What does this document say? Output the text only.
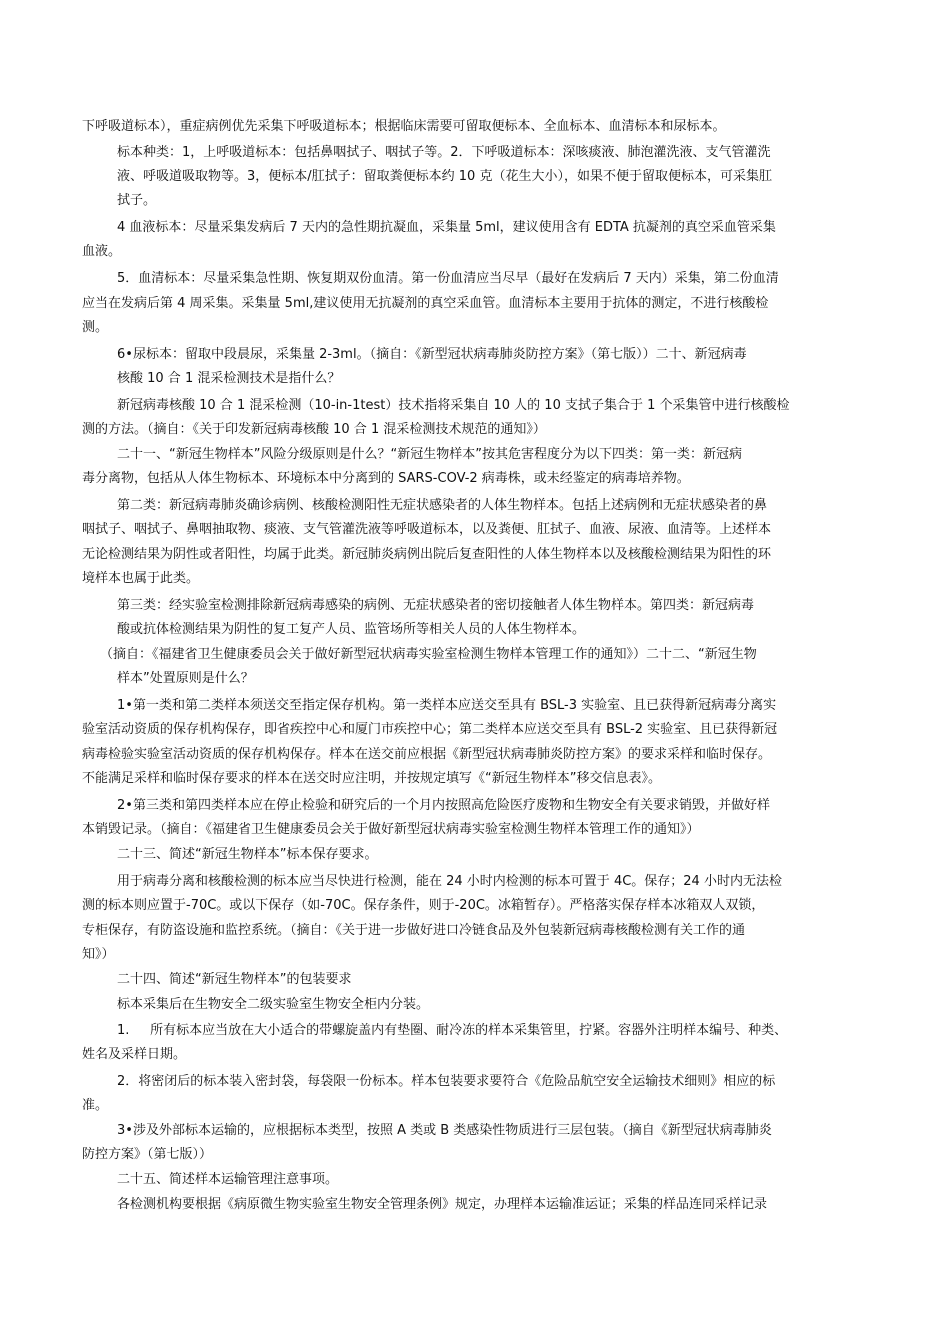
下呼吸道标本），重症病例优先采集下呼吸道标本；根据临床需要可留取便标本、全血标本、血清标本和尿标本。
标本种类：1，上呼吸道标本：包括鼻咽拭子、咽拭子等。2．下呼吸道标本：深咳痰液、肺泡灌洗液、支气管灌洗
液、呼吸道吸取物等。3，便标本/肛拭子：留取粪便标本约 10 克（花生大小），如果不便于留取便标本，可采集肛
拭子。
4 血液标本：尽量采集发病后 7 天内的急性期抗凝血，采集量 5ml，建议使用含有 EDTA 抗凝剂的真空采血管采集
血液。
5．血清标本：尽量采集急性期、恢复期双份血清。第一份血清应当尽早（最好在发病后 7 天内）采集，第二份血清
应当在发病后第 4 周采集。采集量 5ml,建议使用无抗凝剂的真空采血管。血清标本主要用于抗体的测定，不进行核酸检
测。
6•尿标本：留取中段晨尿，采集量 2-3ml。（摘自：《新型冠状病毒肺炎防控方案》（第七版））二十、新冠病毒
核酸 10 合 1 混采检测技术是指什么？
新冠病毒核酸 10 合 1 混采检测（10-in-1test）技术指将采集自 10 人的 10 支拭子集合于 1 个采集管中进行核酸检
测的方法。（摘自：《关于印发新冠病毒核酸 10 合 1 混采检测技术规范的通知》）
二十一、“新冠生物样本”风险分级原则是什么？“新冠生物样本”按其危害程度分为以下四类：第一类：新冠病
毒分离物，包括从人体生物标本、环境标本中分离到的 SARS-COV-2 病毒株，或未经鉴定的病毒培养物。
第二类：新冠病毒肺炎确诊病例、核酸检测阳性无症状感染者的人体生物样本。包括上述病例和无症状感染者的鼻
咽拭子、咽拭子、鼻咽抽取物、痰液、支气管灌洗液等呼吸道标本，以及粪便、肛拭子、血液、尿液、血清等。上述样本
无论检测结果为阴性或者阳性，均属于此类。新冠肺炎病例出院后复查阳性的人体生物样本以及核酸检测结果为阳性的环
境样本也属于此类。
第三类：经实验室检测排除新冠病毒感染的病例、无症状感染者的密切接触者人体生物样本。第四类：新冠病毒
酸或抗体检测结果为阴性的复工复产人员、监管场所等相关人员的人体生物样本。
（摘自：《福建省卫生健康委员会关于做好新型冠状病毒实验室检测生物样本管理工作的通知》）二十二、“新冠生物
样本”处置原则是什么？
1•第一类和第二类样本须送交至指定保存机构。第一类样本应送交至具有 BSL-3 实验室、且已获得新冠病毒分离实
验室活动资质的保存机构保存，即省疾控中心和厦门市疾控中心；第二类样本应送交至具有 BSL-2 实验室、且已获得新冠
病毒检验实验室活动资质的保存机构保存。样本在送交前应根据《新型冠状病毒肺炎防控方案》的要求采样和临时保存。
不能满足采样和临时保存要求的样本在送交时应注明，并按规定填写《“新冠生物样本”移交信息表》。
2•第三类和第四类样本应在停止检验和研究后的一个月内按照高危险医疗废物和生物安全有关要求销毁，并做好样
本销毁记录。（摘自：《福建省卫生健康委员会关于做好新型冠状病毒实验室检测生物样本管理工作的通知》）
二十三、简述“新冠生物样本”标本保存要求。
用于病毒分离和核酸检测的标本应当尽快进行检测，能在 24 小时内检测的标本可置于 4C。保存；24 小时内无法检
测的标本则应置于-70C。或以下保存（如-70C。保存条件，则于-20C。冰箱暂存）。严格落实保存样本冰箱双人双锁，
专柜保存，有防盗设施和监控系统。（摘自：《关于进一步做好进口冷链食品及外包装新冠病毒核酸检测有关工作的通
知》）
二十四、简述“新冠生物样本”的包装要求
标本采集后在生物安全二级实验室生物安全柜内分装。
1.     所有标本应当放在大小适合的带螺旋盖内有垫圈、耐冷冻的样本采集管里，拧紧。容器外注明样本编号、种类、
姓名及采样日期。
2．将密闭后的标本装入密封袋，每袋限一份标本。样本包装要求要符合《危险品航空安全运输技术细则》相应的标
准。
3•涉及外部标本运输的，应根据标本类型，按照 A 类或 B 类感染性物质进行三层包装。（摘自《新型冠状病毒肺炎
防控方案》（第七版））
二十五、简述样本运输管理注意事项。
各检测机构要根据《病原微生物实验室生物安全管理条例》规定，办理样本运输准运证；采集的样品连同采样记录
